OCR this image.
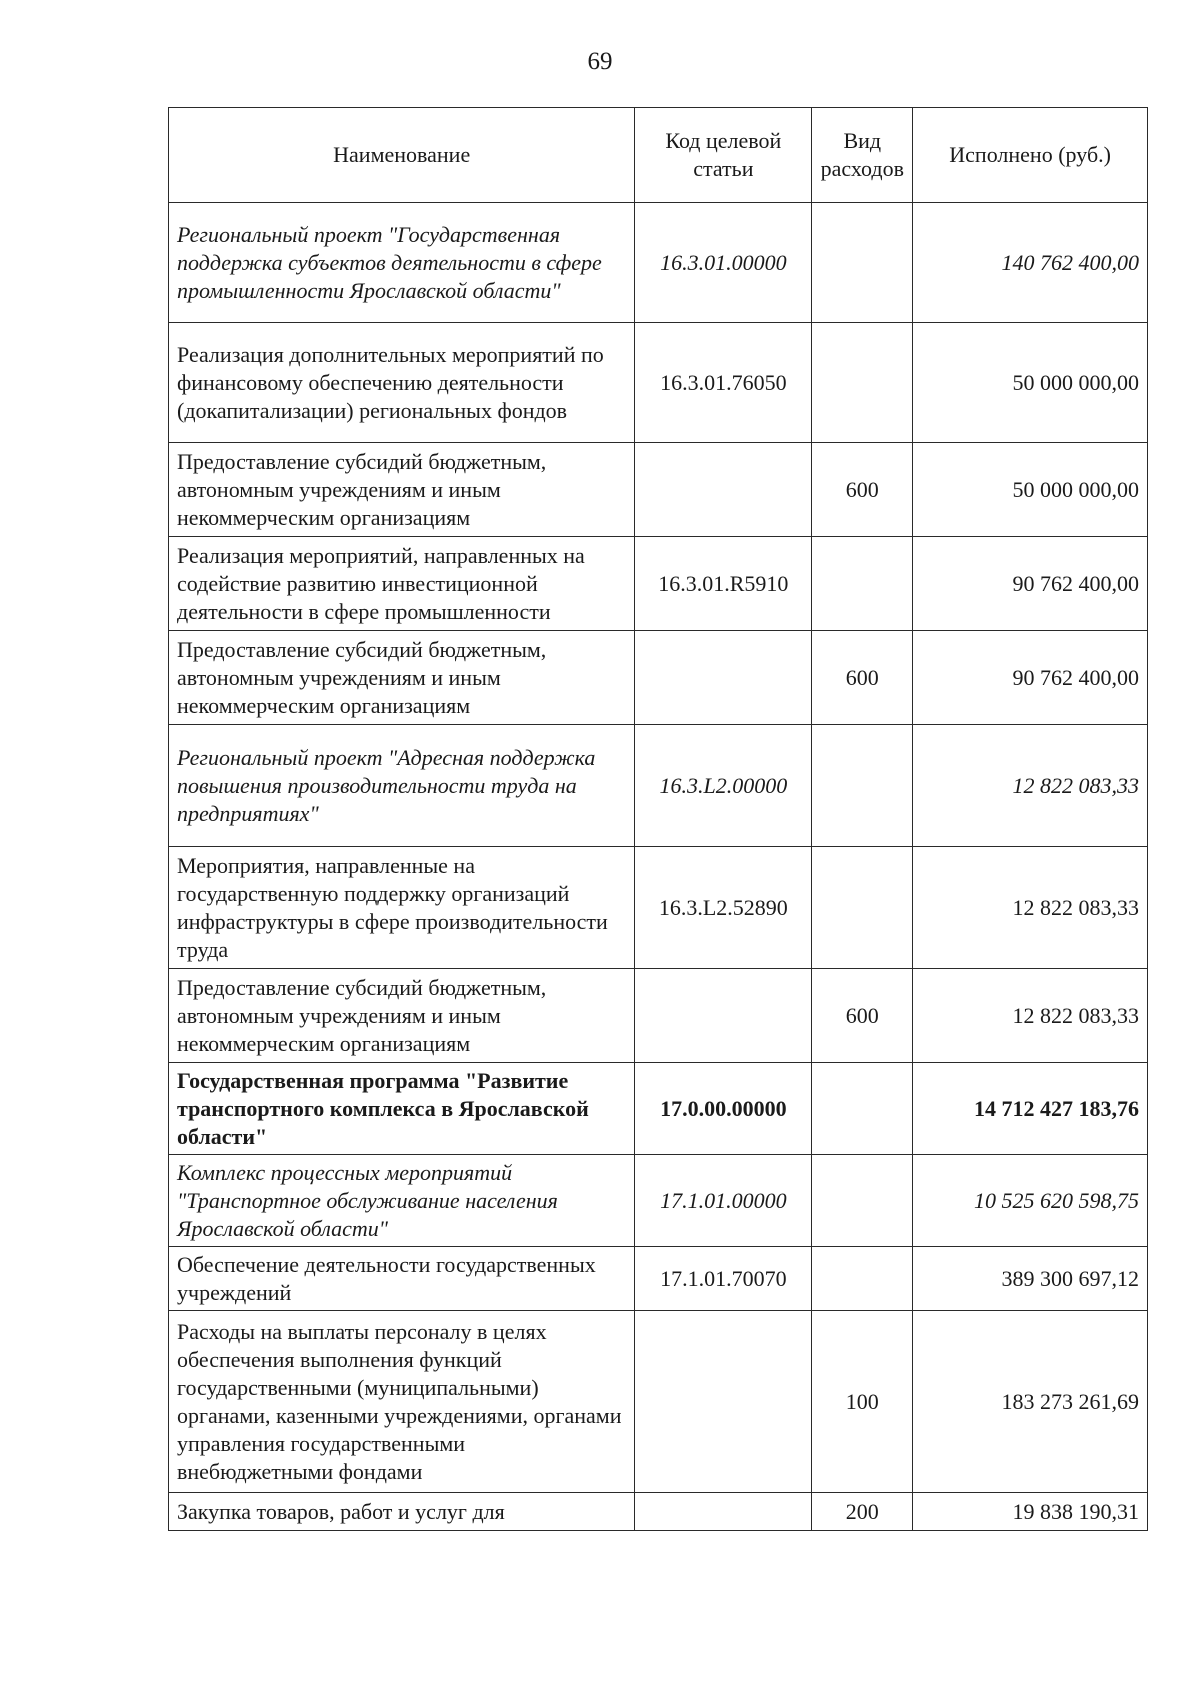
69
Наименование	Код целевой статьи	Вид расходов	Исполнено (руб.)
Региональный проект "Государственная поддержка субъектов деятельности в сфере промышленности Ярославской области"	16.3.01.00000		140 762 400,00
Реализация дополнительных мероприятий по финансовому обеспечению деятельности (докапитализации) региональных фондов	16.3.01.76050		50 000 000,00
Предоставление субсидий бюджетным, автономным учреждениям и иным некоммерческим организациям		600	50 000 000,00
Реализация мероприятий, направленных на содействие развитию инвестиционной деятельности в сфере промышленности	16.3.01.R5910		90 762 400,00
Предоставление субсидий бюджетным, автономным учреждениям и иным некоммерческим организациям		600	90 762 400,00
Региональный проект "Адресная поддержка повышения производительности труда на предприятиях"	16.3.L2.00000		12 822 083,33
Мероприятия, направленные на государственную поддержку организаций инфраструктуры в сфере производительности труда	16.3.L2.52890		12 822 083,33
Предоставление субсидий бюджетным, автономным учреждениям и иным некоммерческим организациям		600	12 822 083,33
Государственная программа "Развитие транспортного комплекса в Ярославской области"	17.0.00.00000		14 712 427 183,76
Комплекс процессных мероприятий "Транспортное обслуживание населения Ярославской области"	17.1.01.00000		10 525 620 598,75
Обеспечение деятельности государственных учреждений	17.1.01.70070		389 300 697,12
Расходы на выплаты персоналу в целях обеспечения выполнения функций государственными (муниципальными) органами, казенными учреждениями, органами управления государственными внебюджетными фондами		100	183 273 261,69
Закупка товаров, работ и услуг для		200	19 838 190,31
